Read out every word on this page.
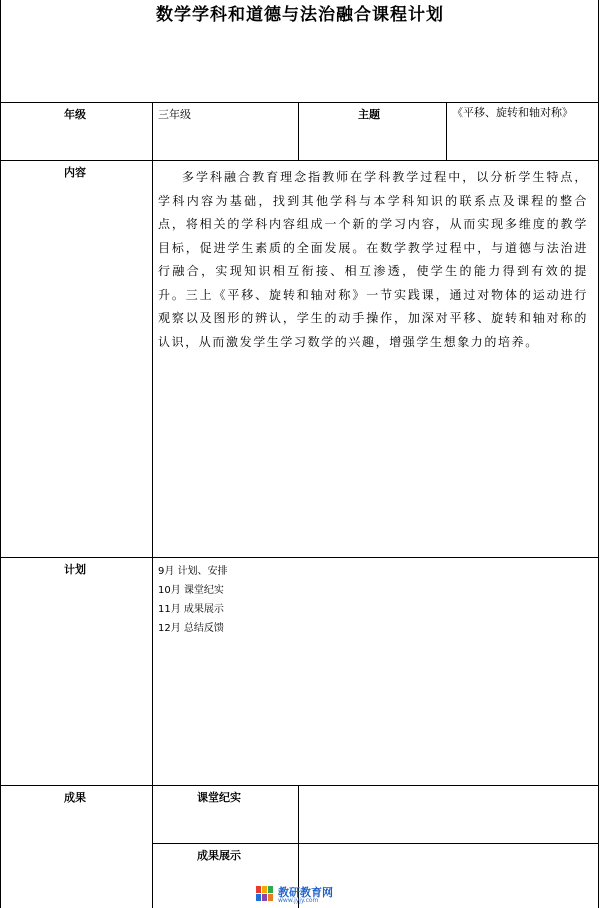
数学学科和道德与法治融合课程计划
年级	三年级	主题	《平移、旋转和轴对称》
内容	多学科融合教育理念指教师在学科教学过程中，以分析学生特点，学科内容为基础，找到其他学科与本学科知识的联系点及课程的整合点，将相关的学科内容组成一个新的学习内容，从而实现多维度的教学目标，促进学生素质的全面发展。在数学教学过程中，与道德与法治进行融合，实现知识相互衔接、相互渗透，使学生的能力得到有效的提升。三上《平移、旋转和轴对称》一节实践课，通过对物体的运动进行观察以及图形的辨认，学生的动手操作，加深对平移、旋转和轴对称的认识，从而激发学生学习数学的兴趣，增强学生想象力的培养。

计划	9月 计划、安排
10月 课堂纪实
11月 成果展示
12月 总结反馈
成果	课堂纪实
成果展示
教研教育网
www.jyjy.com
